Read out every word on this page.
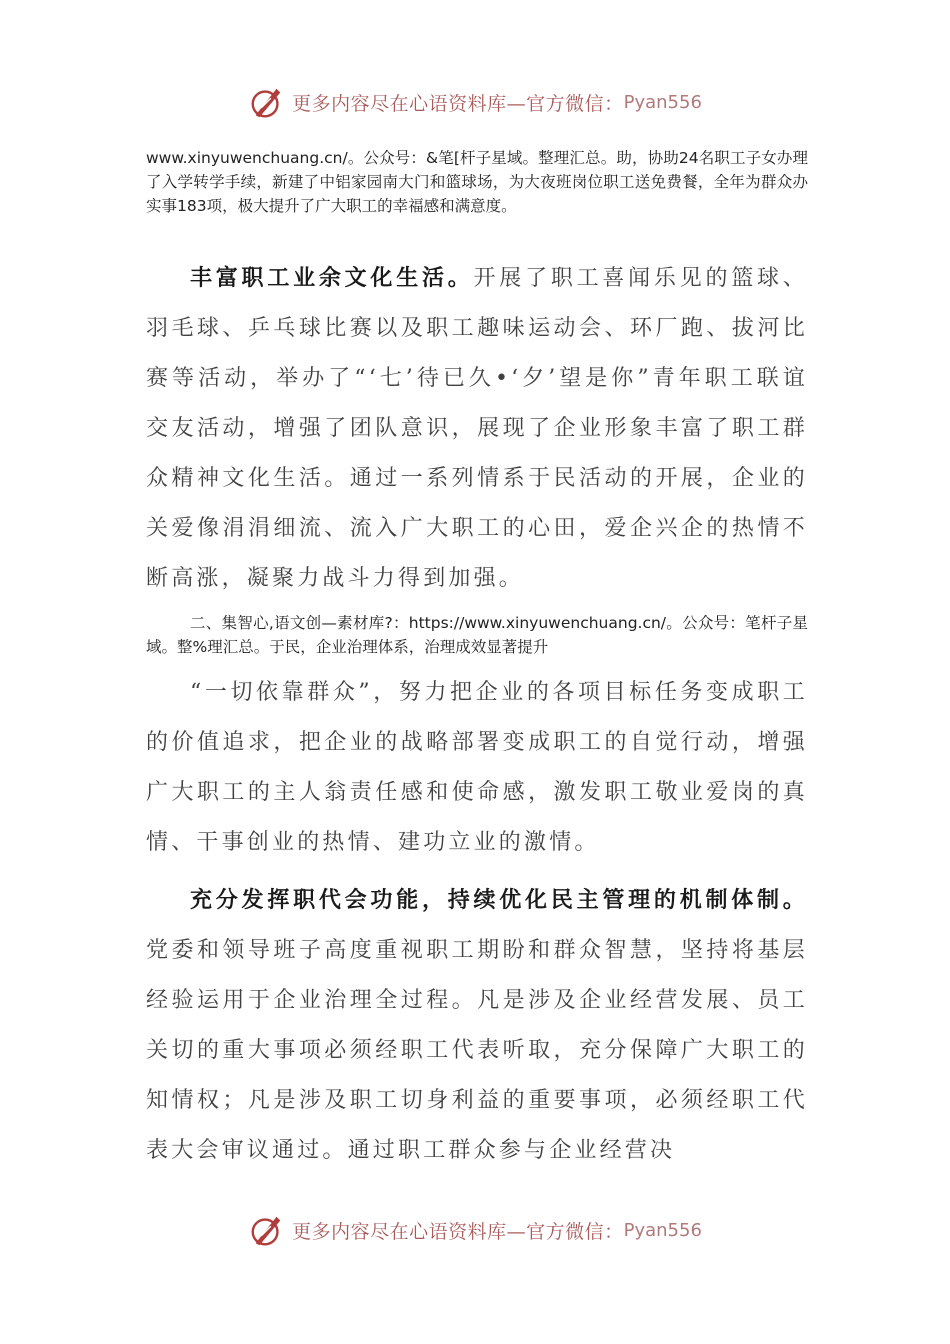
更多内容尽在心语资料库—官方微信： Pyan556
www.xinyuwenchuang.cn/。公众号：&笔[杆子星域。整理汇总。助，协助24名职工子女办理了入学转学手续，新建了中铝家园南大门和篮球场，为大夜班岗位职工送免费餐，全年为群众办实事183项，极大提升了广大职工的幸福感和满意度。
丰富职工业余文化生活。开展了职工喜闻乐见的篮球、羽毛球、乒乓球比赛以及职工趣味运动会、环厂跑、拔河比赛等活动，举办了“‘七’待已久•‘夕’望是你”青年职工联谊交友活动，增强了团队意识，展现了企业形象丰富了职工群众精神文化生活。通过一系列情系于民活动的开展，企业的关爱像涓涓细流、流入广大职工的心田，爱企兴企的热情不断高涨，凝聚力战斗力得到加强。
二、集智心,语文创—素材库?：https://www.xinyuwenchuang.cn/。公众号：笔杆子星域。整%理汇总。于民，企业治理体系，治理成效显著提升
“一切依靠群众”，努力把企业的各项目标任务变成职工的价值追求，把企业的战略部署变成职工的自觉行动，增强广大职工的主人翁责任感和使命感，激发职工敬业爱岗的真情、干事创业的热情、建功立业的激情。
充分发挥职代会功能，持续优化民主管理的机制体制。党委和领导班子高度重视职工期盼和群众智慧，坚持将基层经验运用于企业治理全过程。凡是涉及企业经营发展、员工关切的重大事项必须经职工代表听取，充分保障广大职工的知情权；凡是涉及职工切身利益的重要事项，必须经职工代表大会审议通过。通过职工群众参与企业经营决
更多内容尽在心语资料库—官方微信： Pyan556
